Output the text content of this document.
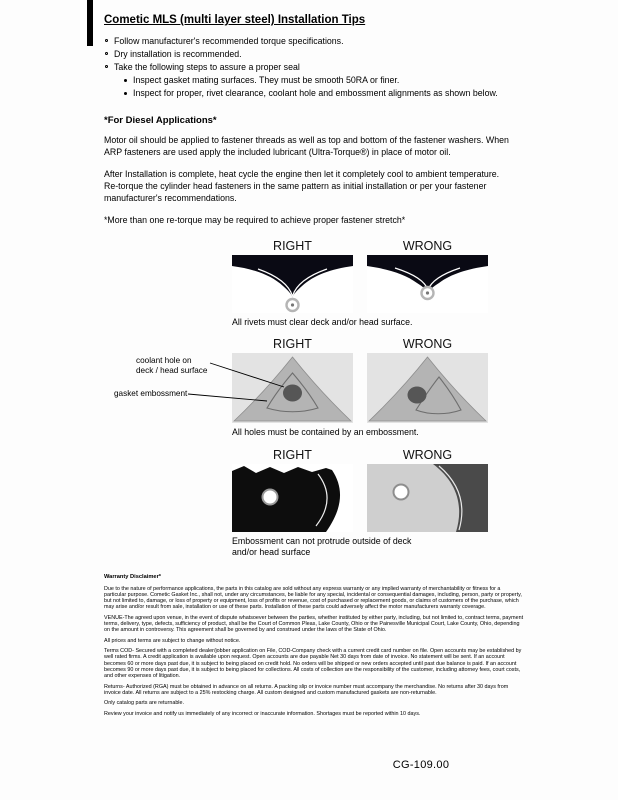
Cometic MLS (multi layer steel) Installation Tips
Follow manufacturer's recommended torque specifications.
Dry installation is recommended.
Take the following steps to assure a proper seal
Inspect gasket mating surfaces. They must be smooth 50RA or finer.
Inspect for proper, rivet clearance, coolant hole and embossment alignments as shown below.
*For Diesel Applications*

Motor oil should be applied to fastener threads as well as top and bottom of the fastener washers. When ARP fasteners are used apply the included lubricant (Ultra-Torque®) in place of motor oil.

After Installation is complete, heat cycle the engine then let it completely cool to ambient temperature. Re-torque the cylinder head fasteners in the same pattern as initial installation or per your fastener manufacturer's recommendations.

*More than one re-torque may be required to achieve proper fastener stretch*

RIGHT	WRONG
All rivets must clear deck and/or head surface.
coolant hole on
deck / head surface
gasket embossment
RIGHT	WRONG
All holes must be contained by an embossment.
RIGHT	WRONG
Embossment can not protrude outside of deck
and/or head surface
Warranty Disclaimer*

Due to the nature of performance applications, the parts in this catalog are sold without any express warranty or any implied warranty of merchantability or fitness for a particular purpose. Cometic Gasket Inc., shall not, under any circumstances, be liable for any special, incidental or consequential damages, including, person, party or property, but not limited to, damage, or loss of property or equipment, loss of profits or revenue, cost of purchased or replacement goods, or claims of customers of the purchase, which may arise and/or result from sale, installation or use of these parts. Installation of these parts could adversely affect the motor manufacturers warranty coverage.

VENUE-The agreed upon venue, in the event of dispute whatsoever between the parties, whether instituted by either party, including, but not limited to, contract terms, payment terms, delivery, type, defects, sufficiency of product, shall be the Court of Common Pleas, Lake County, Ohio or the Painesville Municipal Court, Lake County, Ohio, depending on the amount in controversy. This agreement shall be governed by and construed under the laws of the State of Ohio.

All prices and terms are subject to change without notice.

Terms COD- Secured with a completed dealer/jobber application on File, COD-Company check with a current credit card number on file. Open accounts may be established by well rated firms. A credit application is available upon request. Open accounts are due payable Net 30 days from date of invoice. No statement will be sent. If an account becomes 60 or more days past due, it is subject to being placed on credit hold. No orders will be shipped or new orders accepted until past due balance is paid. If an account becomes 90 or more days past due, it is subject to being placed for collections. All costs of collection are the responsibility of the customer, including attorney fees, court costs, and other expenses of litigation.

Returns- Authorized (RGA) must be obtained in advance on all returns. A packing slip or invoice number must accompany the merchandise. No returns after 30 days from invoice date. All returns are subject to a 25% restocking charge. All custom designed and custom manufactured gaskets are non-returnable.

Only catalog parts are returnable.

Review your invoice and notify us immediately of any incorrect or inaccurate information. Shortages must be reported within 10 days.

CG-109.00
